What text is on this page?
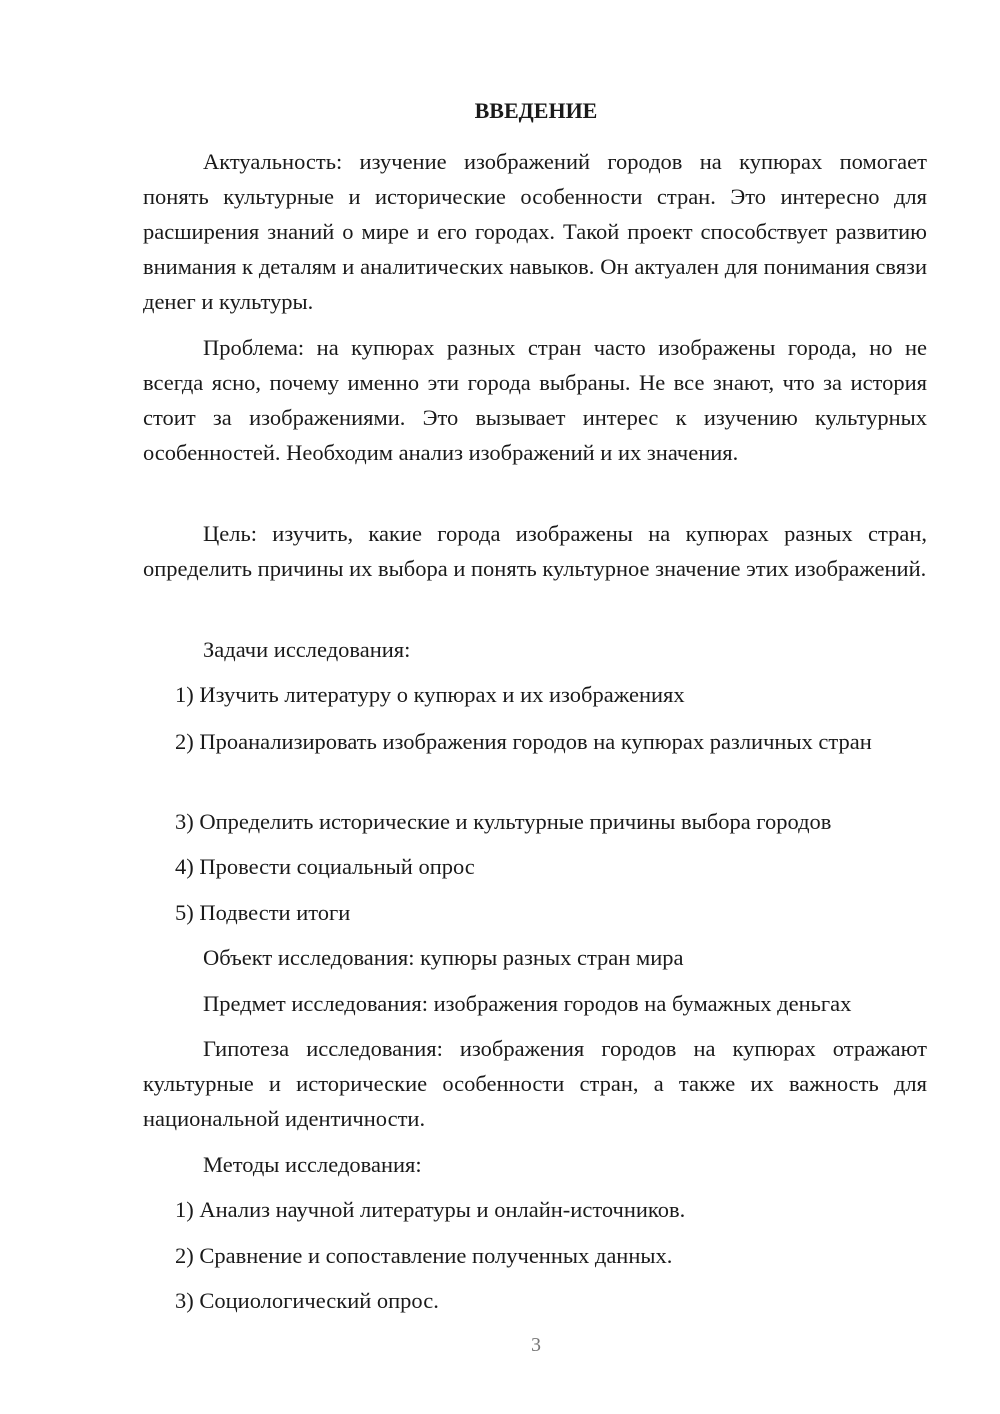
ВВЕДЕНИЕ

Актуальность: изучение изображений городов на купюрах помогает понять культурные и исторические особенности стран. Это интересно для расширения знаний о мире и его городах. Такой проект способствует развитию внимания к деталям и аналитических навыков. Он актуален для понимания связи денег и культуры.

Проблема: на купюрах разных стран часто изображены города, но не всегда ясно, почему именно эти города выбраны. Не все знают, что за история стоит за изображениями. Это вызывает интерес к изучению культурных особенностей. Необходим анализ изображений и их значения.

Цель: изучить, какие города изображены на купюрах разных стран, определить причины их выбора и понять культурное значение этих изображений.

Задачи исследования:

1) Изучить литературу о купюрах и их изображениях

2) Проанализировать изображения городов на купюрах различных стран

3) Определить исторические и культурные причины выбора городов

4) Провести социальный опрос

5) Подвести итоги

Объект исследования: купюры разных стран мира

Предмет исследования: изображения городов на бумажных деньгах

Гипотеза исследования: изображения городов на купюрах отражают культурные и исторические особенности стран, а также их важность для национальной идентичности.

Методы исследования:

1) Анализ научной литературы и онлайн-источников.

2) Сравнение и сопоставление полученных данных.

3) Социологический опрос.

3
